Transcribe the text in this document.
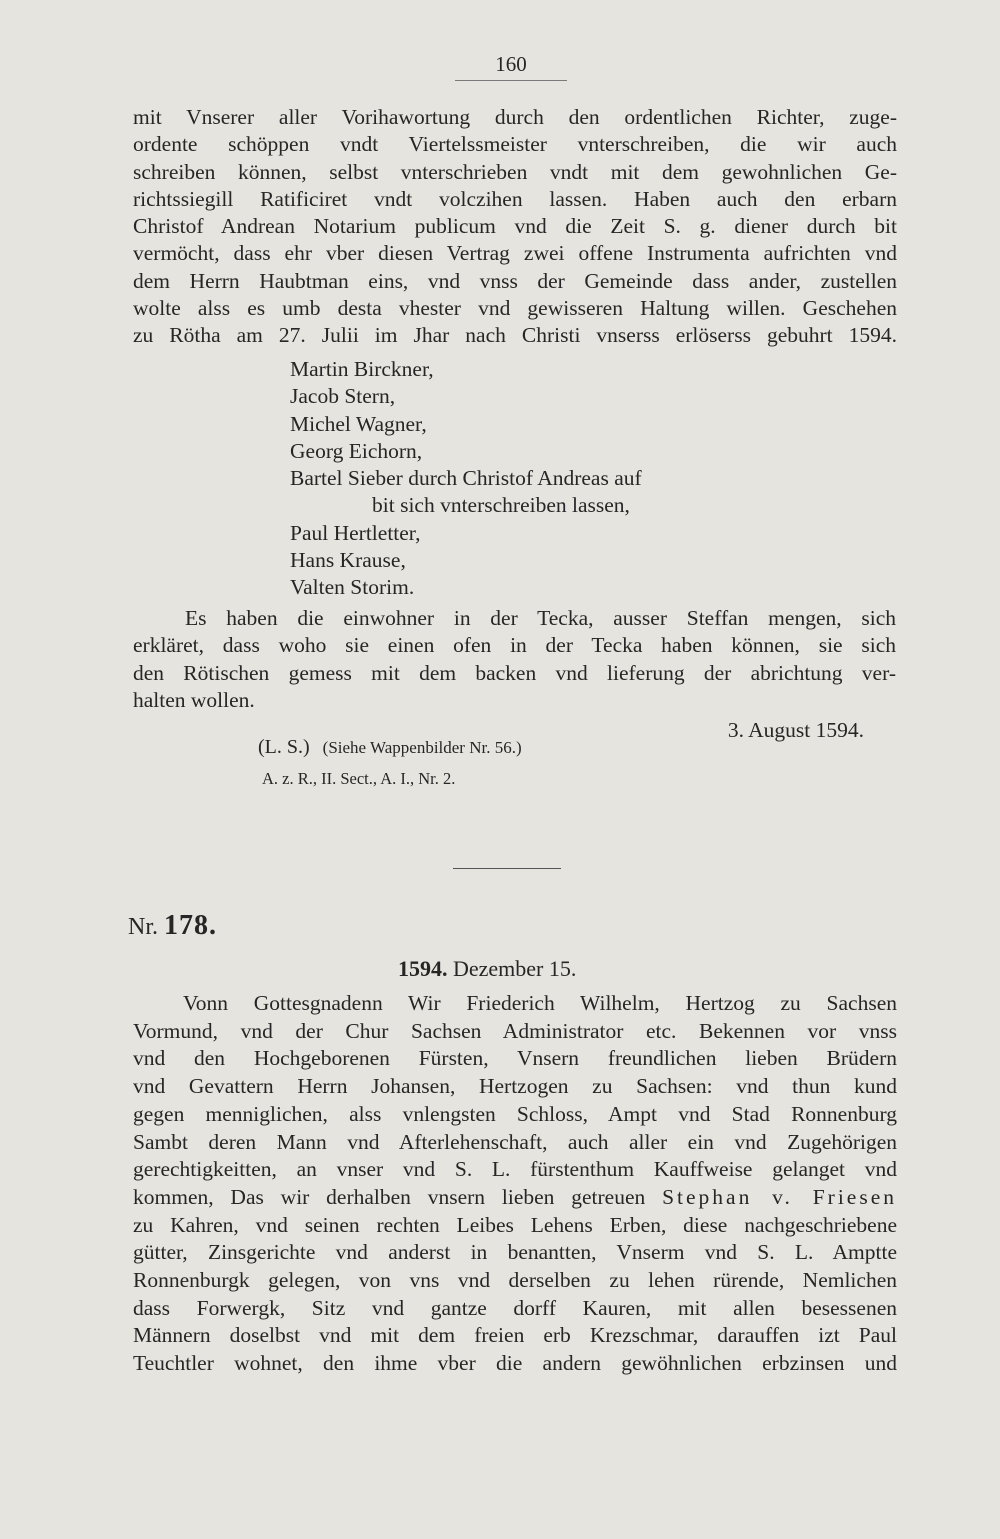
160

mit Vnserer aller Vorihawortung durch den ordentlichen Richter, zuge-

ordente schöppen vndt Viertelssmeister vnterschreiben, die wir auch

schreiben können, selbst vnterschrieben vndt mit dem gewohnlichen Ge-

richtssiegill Ratificiret vndt volczihen lassen. Haben auch den erbarn

Christof Andrean Notarium publicum vnd die Zeit S. g. diener durch bit

vermöcht, dass ehr vber diesen Vertrag zwei offene Instrumenta aufrichten vnd

dem Herrn Haubtman eins, vnd vnss der Gemeinde dass ander, zustellen

wolte alss es umb desta vhester vnd gewisseren Haltung willen. Geschehen

zu Rötha am 27. Julii im Jhar nach Christi vnserss erlöserss gebuhrt 1594.

Martin Birckner,
Jacob Stern,
Michel Wagner,
Georg Eichorn,
Bartel Sieber durch Christof Andreas auf
bit sich vnterschreiben lassen,
Paul Hertletter,
Hans Krause,
Valten Storim.

Es haben die einwohner in der Tecka, ausser Steffan mengen, sich

erkläret, dass woho sie einen ofen in der Tecka haben können, sie sich

den Rötischen gemess mit dem backen vnd lieferung der abrichtung ver-

halten wollen.

3. August 1594.
(L. S.) (Siehe Wappenbilder Nr. 56.)
A. z. R., II. Sect., A. I., Nr. 2.
Nr. 178.
1594. Dezember 15.

Vonn Gottesgnadenn Wir Friederich Wilhelm, Hertzog zu Sachsen

Vormund, vnd der Chur Sachsen Administrator etc. Bekennen vor vnss

vnd den Hochgeborenen Fürsten, Vnsern freundlichen lieben Brüdern

vnd Gevattern Herrn Johansen, Hertzogen zu Sachsen: vnd thun kund

gegen menniglichen, alss vnlengsten Schloss, Ampt vnd Stad Ronnenburg

Sambt deren Mann vnd Afterlehenschaft, auch aller ein vnd Zugehörigen

gerechtigkeitten, an vnser vnd S. L. fürstenthum Kauffweise gelanget vnd

kommen, Das wir derhalben vnsern lieben getreuen Stephan v. Friesen

zu Kahren, vnd seinen rechten Leibes Lehens Erben, diese nachgeschriebene

gütter, Zinsgerichte vnd anderst in benantten, Vnserm vnd S. L. Amptte

Ronnenburgk gelegen, von vns vnd derselben zu lehen rürende, Nemlichen

dass Forwergk, Sitz vnd gantze dorff Kauren, mit allen besessenen

Männern doselbst vnd mit dem freien erb Krezschmar, darauffen izt Paul

Teuchtler wohnet, den ihme vber die andern gewöhnlichen erbzinsen und
